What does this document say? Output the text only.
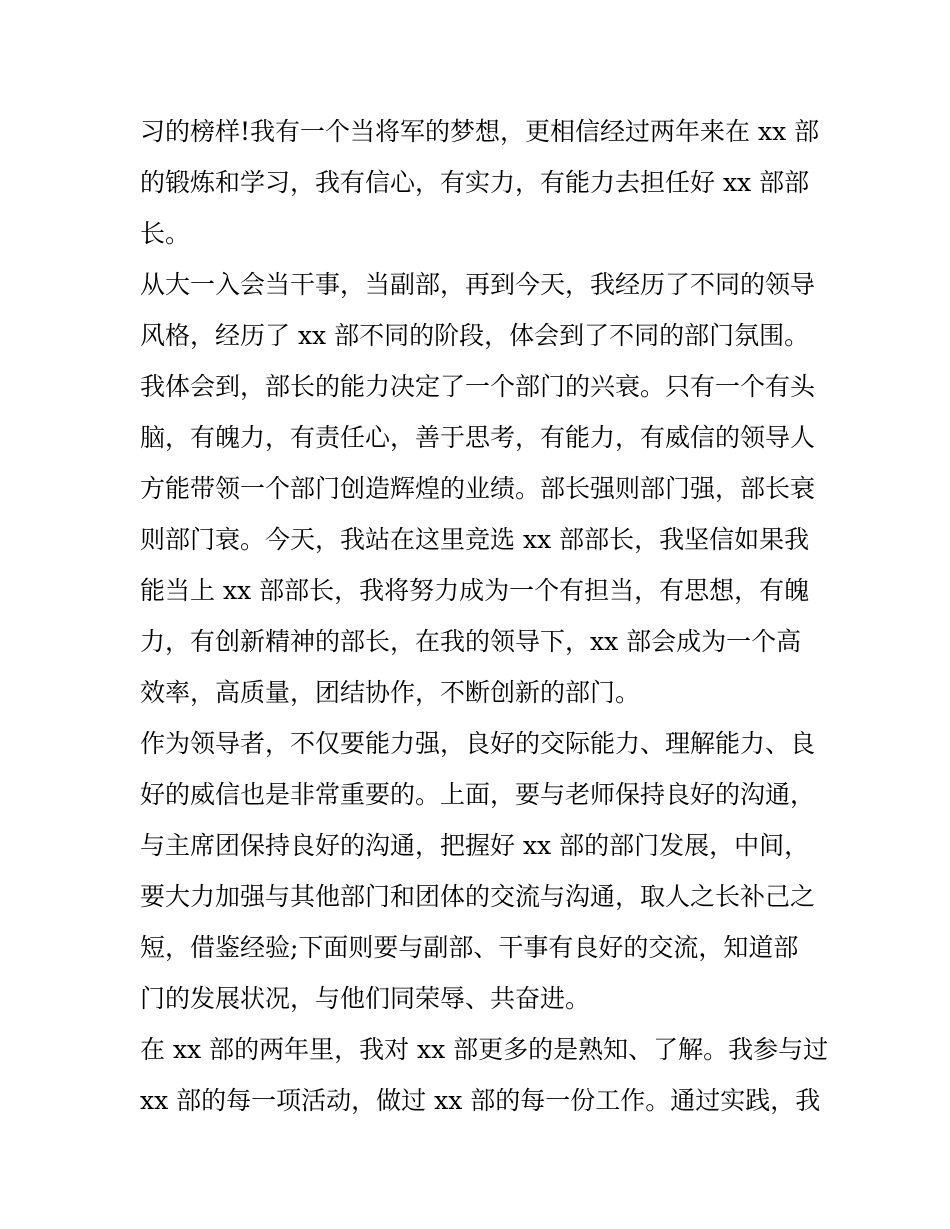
习的榜样!我有一个当将军的梦想，更相信经过两年来在 xx 部
的锻炼和学习，我有信心，有实力，有能力去担任好 xx 部部
长。
从大一入会当干事，当副部，再到今天，我经历了不同的领导
风格，经历了 xx 部不同的阶段，体会到了不同的部门氛围。
我体会到，部长的能力决定了一个部门的兴衰。只有一个有头
脑，有魄力，有责任心，善于思考，有能力，有威信的领导人
方能带领一个部门创造辉煌的业绩。部长强则部门强，部长衰
则部门衰。今天，我站在这里竞选 xx 部部长，我坚信如果我
能当上 xx 部部长，我将努力成为一个有担当，有思想，有魄
力，有创新精神的部长，在我的领导下，xx 部会成为一个高
效率，高质量，团结协作，不断创新的部门。
作为领导者，不仅要能力强，良好的交际能力、理解能力、良
好的威信也是非常重要的。上面，要与老师保持良好的沟通，
与主席团保持良好的沟通，把握好 xx 部的部门发展，中间，
要大力加强与其他部门和团体的交流与沟通，取人之长补己之
短，借鉴经验;下面则要与副部、干事有良好的交流，知道部
门的发展状况，与他们同荣辱、共奋进。
在 xx 部的两年里，我对 xx 部更多的是熟知、了解。我参与过
xx 部的每一项活动，做过 xx 部的每一份工作。通过实践，我
